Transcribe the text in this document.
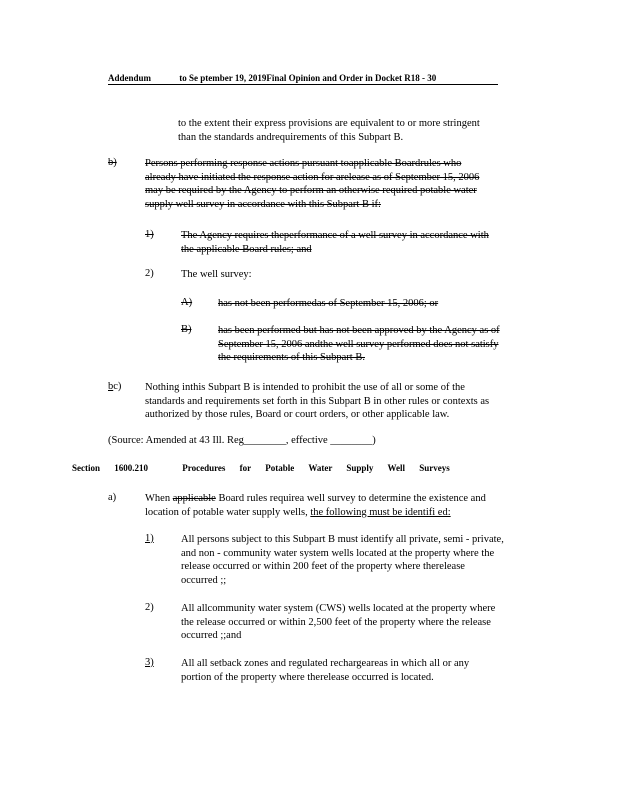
Addendum	to Se ptember 19, 2019Final Opinion and Order in Docket R18 - 30
to the extent their express provisions are equivalent to or more stringent
than the standards andrequirements of this Subpart B.
b)	Persons performing response actions pursuant toapplicable Boardrules who
already have initiated the response action for arelease as of September 15, 2006
may be required by the Agency to perform an otherwise required potable water
supply well survey in accordance with this Subpart B if:
1)	The Agency requires theperformance of a well survey in accordance with
the applicable Board rules; and
2)	The well survey:
A) has not been performedas of September 15, 2006; or
B)	has been performed but has not been approved by the Agency as of
September 15, 2006 andthe well survey performed does not satisfy
the requirements of this Subpart B.
bc) Nothing inthis Subpart B is intended to prohibit the use of all or some of the
standards and requirements set forth in this Subpart B in other rules or contexts as
authorized by those rules, Board or court orders, or other applicable law.
(Source: Amended at 43 Ill. Reg________, effective ________)
Section 1600.210	Procedures for Potable Water Supply Well Surveys
a)	When applicable Board rules requirea well survey to determine the existence and
location of potable water supply wells, the following must be identifi ed:
1)	All persons subject to this Subpart B must identify all private, semi - private,
and non - community water system wells located at the property where the
release occurred or within 200 feet of the property where therelease
occurred ;;
2)	All allcommunity water system (CWS) wells located at the property where
the release occurred or within 2,500 feet of the property where the release
occurred ;;and
3)	All all setback zones and regulated rechargeareas in which all or any
portion of the property where therelease occurred is located.
